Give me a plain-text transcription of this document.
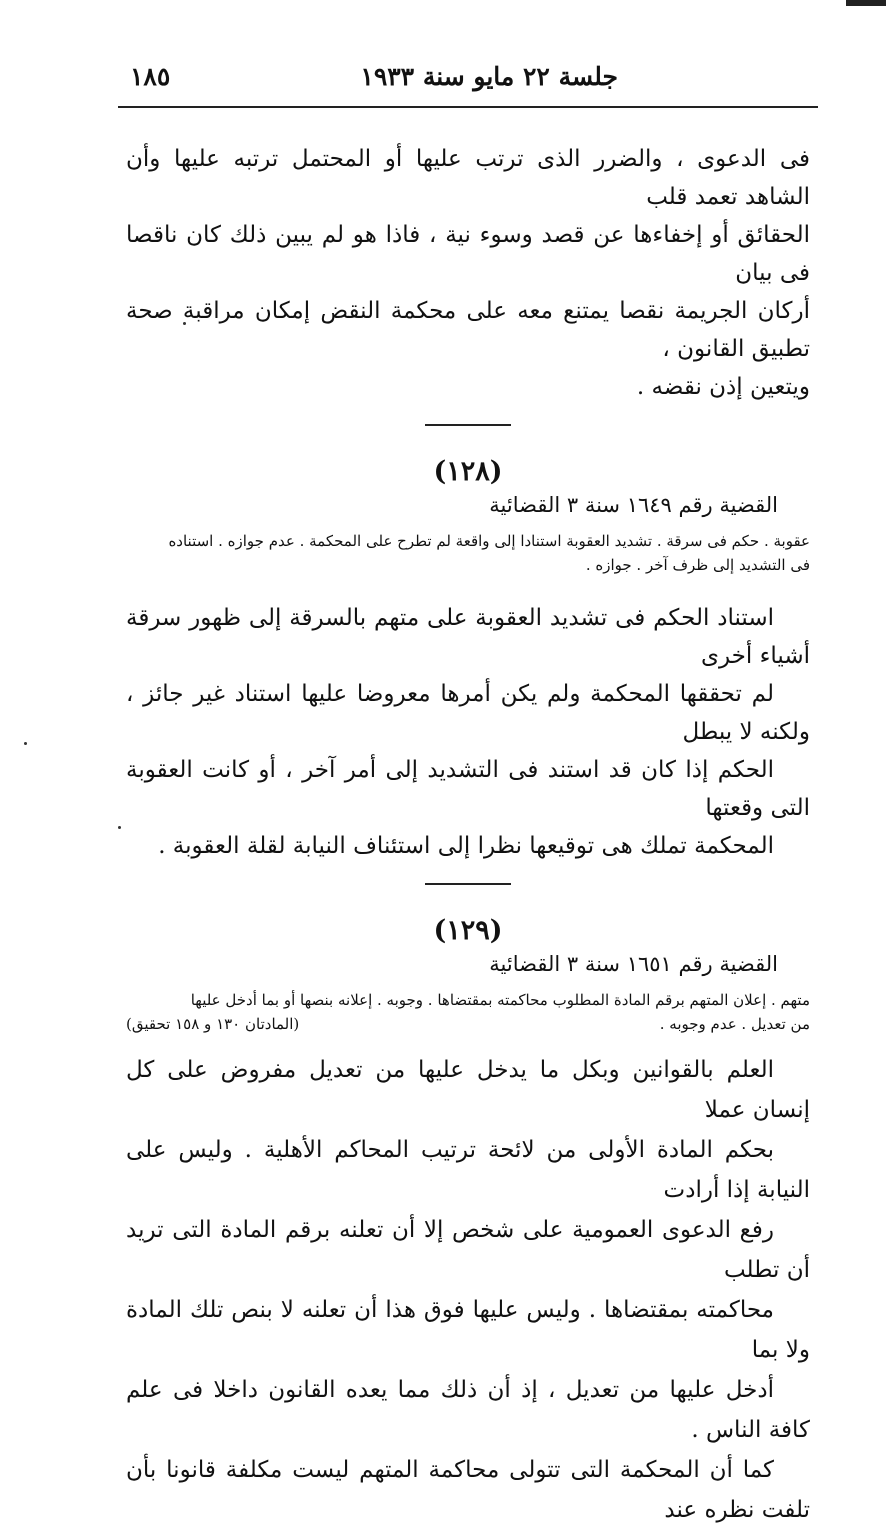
جلسة ٢٢ مايو سنة ١٩٣٣
١٨٥
فى الدعوى ، والضرر الذى ترتب عليها أو المحتمل ترتبه عليها وأن الشاهد تعمد قلب
الحقائق أو إخفاءها عن قصد وسوء نية ، فاذا هو لم يبين ذلك كان ناقصا فى بيان
أركان الجريمة نقصا يمتنع معه على محكمة النقض إمكان مراقبة صحة تطبيق القانون ،
ويتعين إذن نقضه .
(١٢٨)
القضية رقم ١٦٤٩ سنة ٣ القضائية
عقوبة . حكم فى سرقة . تشديد العقوبة استنادا إلى واقعة لم تطرح على المحكمة . عدم جوازه . استناده
فى التشديد إلى ظرف آخر . جوازه .
استناد الحكم فى تشديد العقوبة على متهم بالسرقة إلى ظهور سرقة أشياء أخرى
لم تحققها المحكمة ولم يكن أمرها معروضا عليها استناد غير جائز ، ولكنه لا يبطل
الحكم إذا كان قد استند فى التشديد إلى أمر آخر ، أو كانت العقوبة التى وقعتها
المحكمة تملك هى توقيعها نظرا إلى استئناف النيابة لقلة العقوبة .
(١٢٩)
القضية رقم ١٦٥١ سنة ٣ القضائية
متهم . إعلان المتهم برقم المادة المطلوب محاكمته بمقتضاها . وجوبه . إعلانه بنصها أو بما أدخل عليها
من تعديل . عدم وجوبه .
(المادتان ١٣٠ و ١٥٨ تحقيق)
العلم بالقوانين وبكل ما يدخل عليها من تعديل مفروض على كل إنسان عملا
بحكم المادة الأولى من لائحة ترتيب المحاكم الأهلية . وليس على النيابة إذا أرادت
رفع الدعوى العمومية على شخص إلا أن تعلنه برقم المادة التى تريد أن تطلب
محاكمته بمقتضاها . وليس عليها فوق هذا أن تعلنه لا بنص تلك المادة ولا بما
أدخل عليها من تعديل ، إذ أن ذلك مما يعده القانون داخلا فى علم كافة الناس .
كما أن المحكمة التى تتولى محاكمة المتهم ليست مكلفة قانونا بأن تلفت نظره عند
